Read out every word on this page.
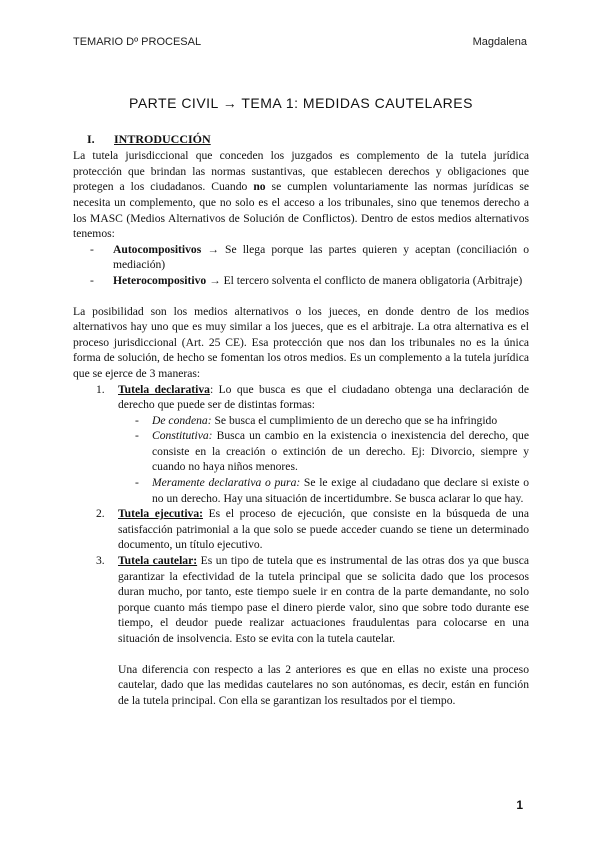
TEMARIO Dº PROCESAL	Magdalena
PARTE CIVIL → TEMA 1: MEDIDAS CAUTELARES
I. INTRODUCCIÓN

La tutela jurisdiccional que conceden los juzgados es complemento de la tutela jurídica protección que brindan las normas sustantivas, que establecen derechos y obligaciones que protegen a los ciudadanos. Cuando no se cumplen voluntariamente las normas jurídicas se necesita un complemento, que no solo es el acceso a los tribunales, sino que tenemos derecho a los MASC (Medios Alternativos de Solución de Conflictos). Dentro de estos medios alternativos tenemos:

- Autocompositivos → Se llega porque las partes quieren y aceptan (conciliación o mediación)
- Heterocompositivo → El tercero solventa el conflicto de manera obligatoria (Arbitraje)

La posibilidad son los medios alternativos o los jueces, en donde dentro de los medios alternativos hay uno que es muy similar a los jueces, que es el arbitraje. La otra alternativa es el proceso jurisdiccional (Art. 25 CE). Esa protección que nos dan los tribunales no es la única forma de solución, de hecho se fomentan los otros medios. Es un complemento a la tutela jurídica que se ejerce de 3 maneras:

1. Tutela declarativa: Lo que busca es que el ciudadano obtenga una declaración de derecho que puede ser de distintas formas:
- De condena: Se busca el cumplimiento de un derecho que se ha infringido
- Constitutiva: Busca un cambio en la existencia o inexistencia del derecho, que consiste en la creación o extinción de un derecho. Ej: Divorcio, siempre y cuando no haya niños menores.
- Meramente declarativa o pura: Se le exige al ciudadano que declare si existe o no un derecho. Hay una situación de incertidumbre. Se busca aclarar lo que hay.
2. Tutela ejecutiva: Es el proceso de ejecución, que consiste en la búsqueda de una satisfacción patrimonial a la que solo se puede acceder cuando se tiene un determinado documento, un título ejecutivo.
3. Tutela cautelar: Es un tipo de tutela que es instrumental de las otras dos ya que busca garantizar la efectividad de la tutela principal que se solicita dado que los procesos duran mucho, por tanto, este tiempo suele ir en contra de la parte demandante, no solo porque cuanto más tiempo pase el dinero pierde valor, sino que sobre todo durante ese tiempo, el deudor puede realizar actuaciones fraudulentas para colocarse en una situación de insolvencia. Esto se evita con la tutela cautelar.

Una diferencia con respecto a las 2 anteriores es que en ellas no existe una proceso cautelar, dado que las medidas cautelares no son autónomas, es decir, están en función de la tutela principal. Con ella se garantizan los resultados por el tiempo.

1
